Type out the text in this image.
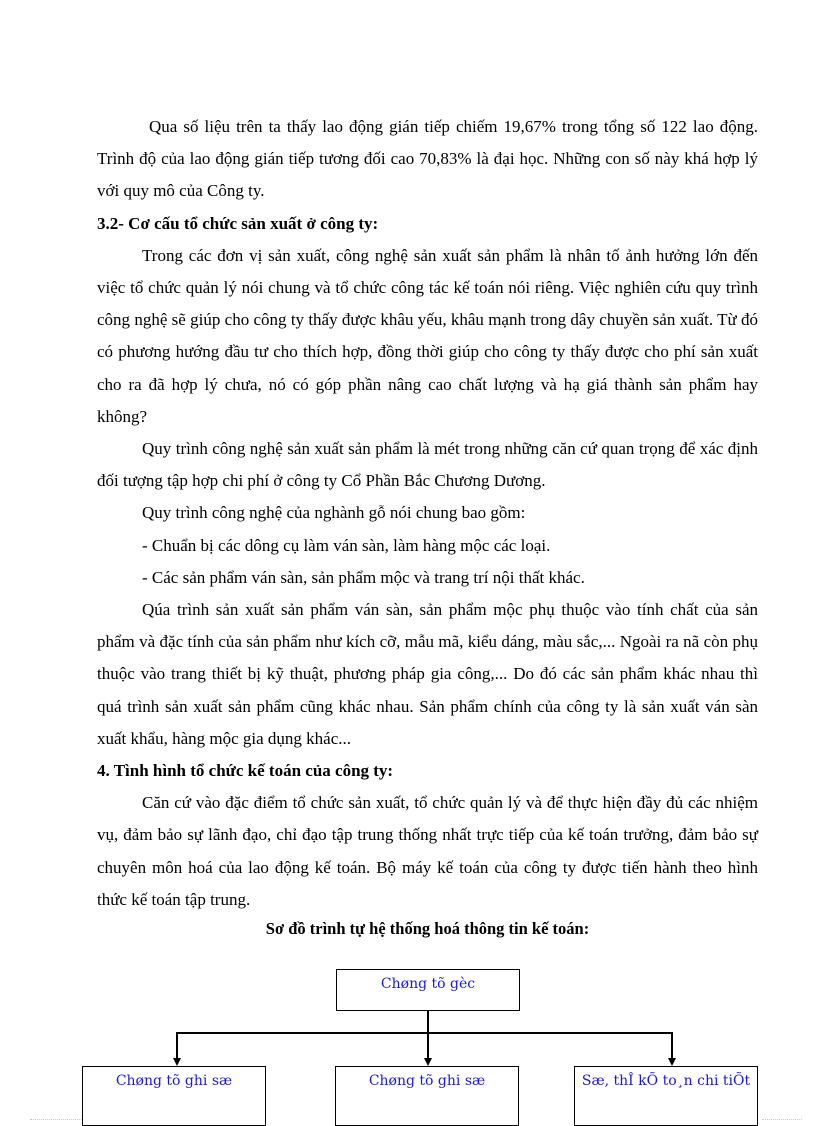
Qua số liệu trên ta thấy lao động gián tiếp chiếm 19,67% trong tổng số 122 lao động. Trình độ của lao động gián tiếp tương đối cao 70,83% là đại học. Những con số này khá hợp lý với quy mô của Công ty.

3.2- Cơ cấu tổ chức sản xuất ở công ty:

Trong các đơn vị sản xuất, công nghệ sản xuất sản phẩm là nhân tố ảnh hưởng lớn đến việc tổ chức quản lý nói chung và tổ chức công tác kế toán nói riêng. Việc nghiên cứu quy trình công nghệ sẽ giúp cho công ty thấy được khâu yếu, khâu mạnh trong dây chuyền sản xuất. Từ đó có phương hướng đầu tư cho thích hợp, đồng thời giúp cho công ty thấy được cho phí sản xuất cho ra đã hợp lý chưa, nó có góp phần nâng cao chất lượng và hạ giá thành sản phẩm hay không?

Quy trình công nghệ sản xuất sản phẩm là mét trong những căn cứ quan trọng để xác định đối tượng tập hợp chi phí ở công ty Cổ Phần Bắc Chương Dương.

Quy trình công nghệ của nghành gỗ nói chung bao gồm:

- Chuẩn bị các dông cụ làm ván sàn, làm hàng mộc các loại.

- Các sản phẩm ván sàn, sản phẩm mộc và trang trí nội thất khác.

Qúa trình sản xuất sản phẩm ván sàn, sản phẩm mộc phụ thuộc vào tính chất của sản phẩm và đặc tính của sản phẩm như kích cỡ, mẫu mã, kiểu dáng, màu sắc,... Ngoài ra nã còn phụ thuộc vào trang thiết bị kỹ thuật, phương pháp gia công,... Do đó các sản phẩm khác nhau thì quá trình sản xuất sản phẩm cũng khác nhau. Sản phẩm chính của công ty là sản xuất ván sàn xuất khẩu, hàng mộc gia dụng khác...

4. Tình hình tổ chức kế toán của công ty:

Căn cứ vào đặc điểm tổ chức sản xuất, tổ chức quản lý và để thực hiện đầy đủ các nhiệm vụ, đảm bảo sự lãnh đạo, chỉ đạo tập trung thống nhất trực tiếp của kế toán trưởng, đảm bảo sự chuyên môn hoá của lao động kế toán. Bộ máy kế toán của công ty được tiến hành theo hình thức kế toán tập trung.

Sơ đồ trình tự hệ thống hoá thông tin kế toán:
Chøng tõ gèc
Chøng tõ ghi sæ	Chøng tõ ghi sæ	Sæ, thÎ kÕ to¸n chi tiÕt
